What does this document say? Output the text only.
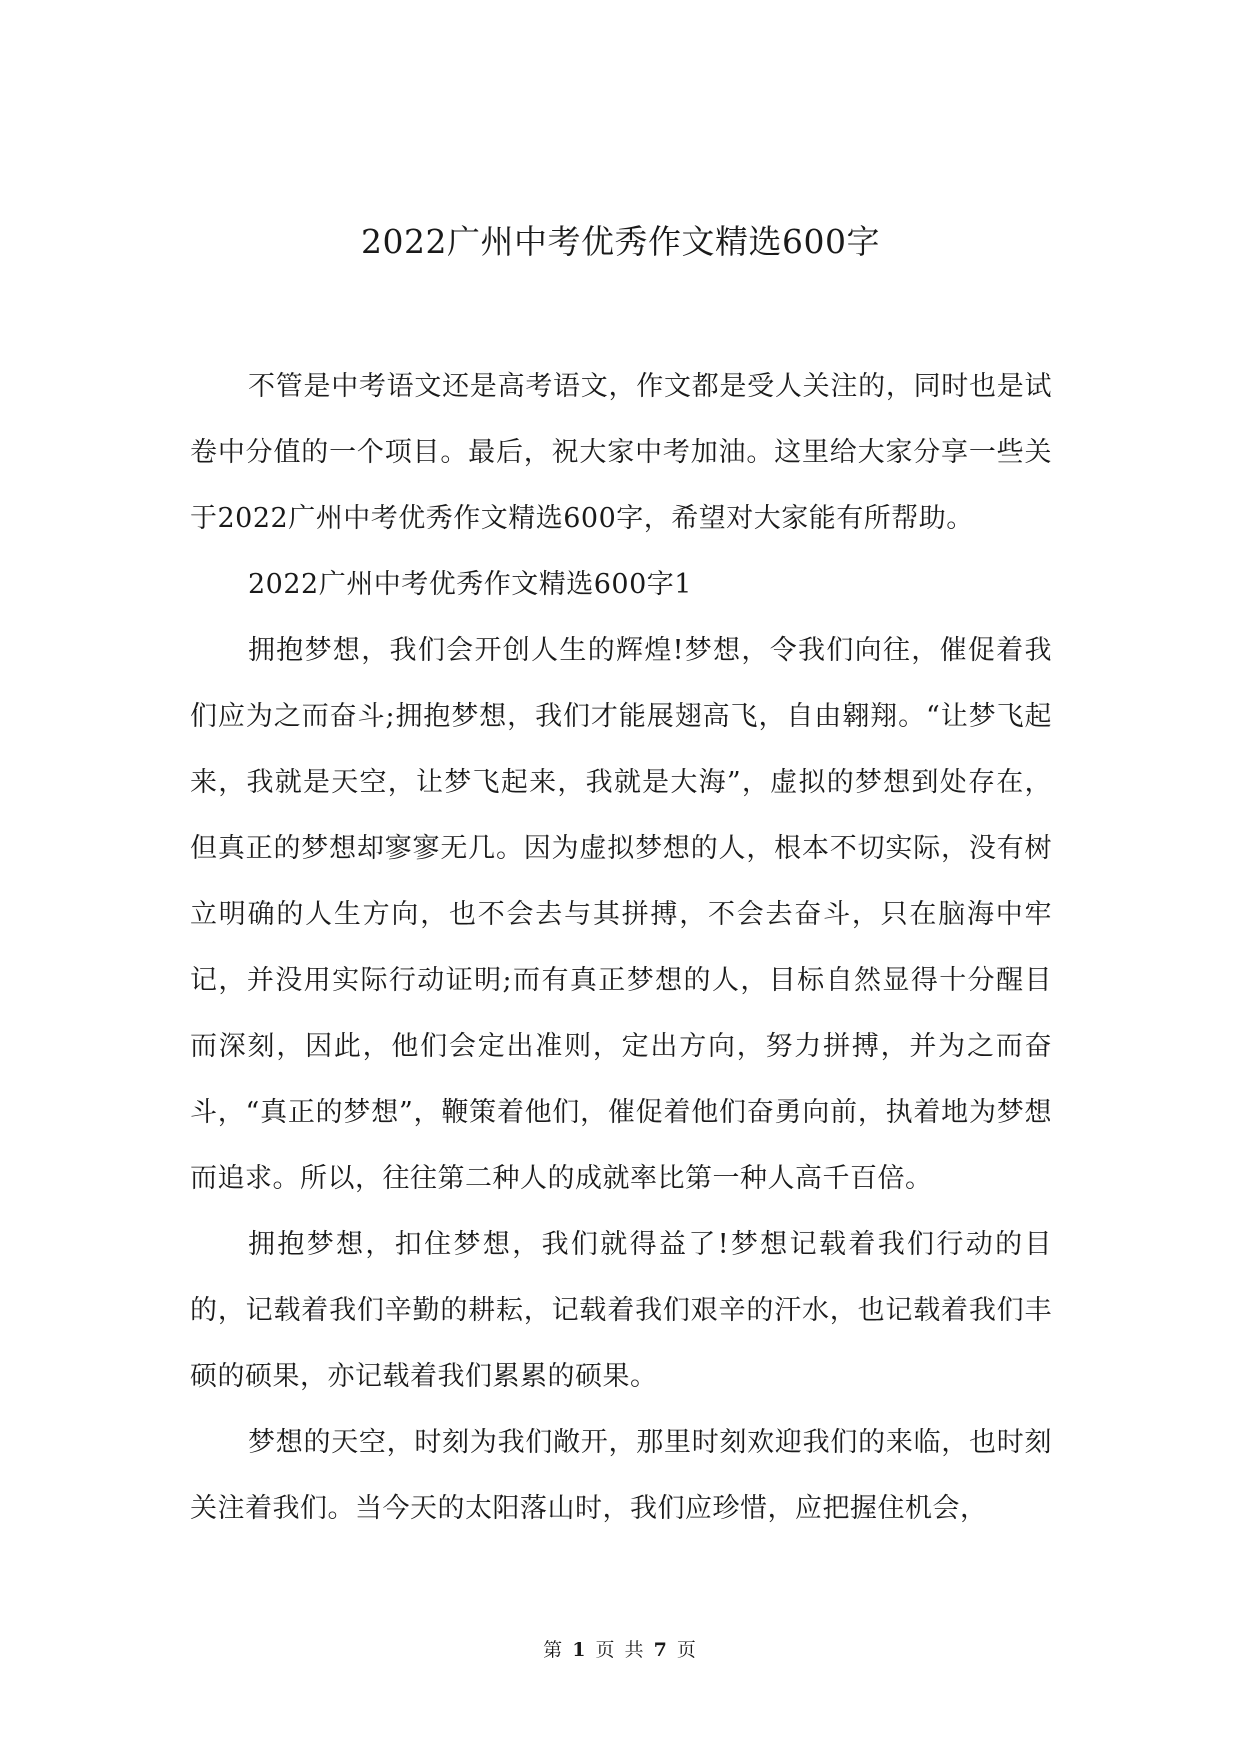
2022广州中考优秀作文精选600字

不管是中考语文还是高考语文，作文都是受人关注的，同时也是试卷中分值的一个项目。最后，祝大家中考加油。这里给大家分享一些关于2022广州中考优秀作文精选600字，希望对大家能有所帮助。

2022广州中考优秀作文精选600字1

拥抱梦想，我们会开创人生的辉煌!梦想，令我们向往，催促着我们应为之而奋斗;拥抱梦想，我们才能展翅高飞，自由翱翔。“让梦飞起来，我就是天空，让梦飞起来，我就是大海”，虚拟的梦想到处存在，但真正的梦想却寥寥无几。因为虚拟梦想的人，根本不切实际，没有树立明确的人生方向，也不会去与其拼搏，不会去奋斗，只在脑海中牢记，并没用实际行动证明;而有真正梦想的人，目标自然显得十分醒目而深刻，因此，他们会定出准则，定出方向，努力拼搏，并为之而奋斗，“真正的梦想”，鞭策着他们，催促着他们奋勇向前，执着地为梦想而追求。所以，往往第二种人的成就率比第一种人高千百倍。

拥抱梦想，扣住梦想，我们就得益了!梦想记载着我们行动的目的，记载着我们辛勤的耕耘，记载着我们艰辛的汗水，也记载着我们丰硕的硕果，亦记载着我们累累的硕果。

梦想的天空，时刻为我们敞开，那里时刻欢迎我们的来临，也时刻关注着我们。当今天的太阳落山时，我们应珍惜，应把握住机会，

第 1 页 共 7 页
